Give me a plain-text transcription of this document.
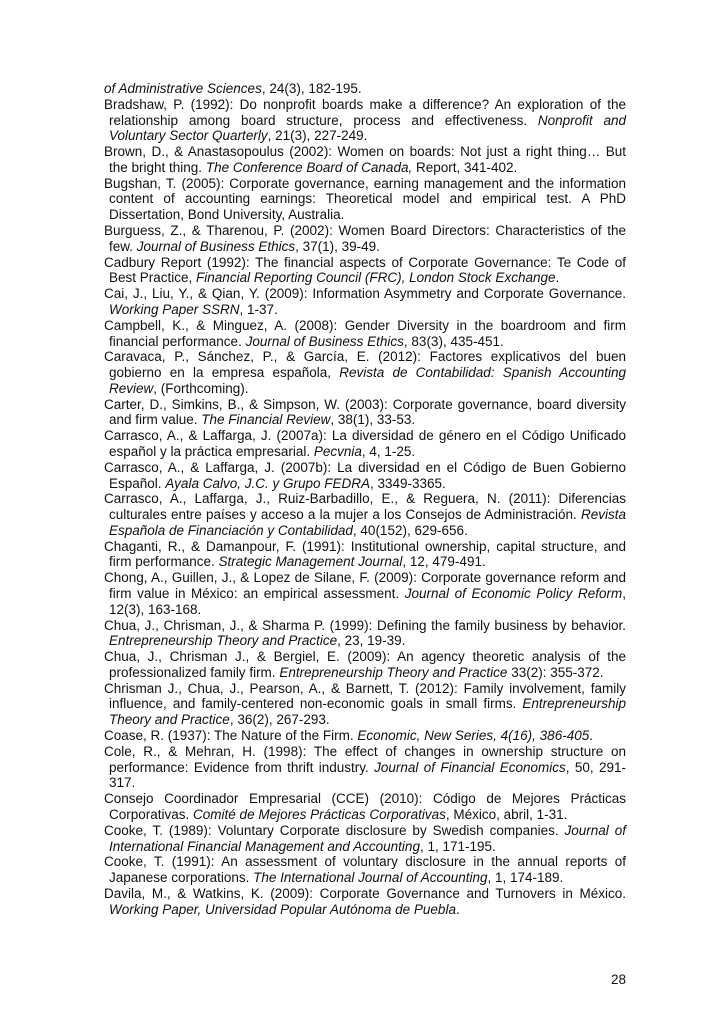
of Administrative Sciences, 24(3), 182-195.
Bradshaw, P. (1992): Do nonprofit boards make a difference? An exploration of the relationship among board structure, process and effectiveness. Nonprofit and Voluntary Sector Quarterly, 21(3), 227-249.
Brown, D., & Anastasopoulus (2002): Women on boards: Not just a right thing… But the bright thing. The Conference Board of Canada, Report, 341-402.
Bugshan, T. (2005): Corporate governance, earning management and the information content of accounting earnings: Theoretical model and empirical test. A PhD Dissertation, Bond University, Australia.
Burguess, Z., & Tharenou, P. (2002): Women Board Directors: Characteristics of the few. Journal of Business Ethics, 37(1), 39-49.
Cadbury Report (1992): The financial aspects of Corporate Governance: Te Code of Best Practice, Financial Reporting Council (FRC), London Stock Exchange.
Cai, J., Liu, Y., & Qian, Y. (2009): Information Asymmetry and Corporate Governance. Working Paper SSRN, 1-37.
Campbell, K., & Minguez, A. (2008): Gender Diversity in the boardroom and firm financial performance. Journal of Business Ethics, 83(3), 435-451.
Caravaca, P., Sánchez, P., & García, E. (2012): Factores explicativos del buen gobierno en la empresa española, Revista de Contabilidad: Spanish Accounting Review, (Forthcoming).
Carter, D., Simkins, B., & Simpson, W. (2003): Corporate governance, board diversity and firm value. The Financial Review, 38(1), 33-53.
Carrasco, A., & Laffarga, J. (2007a): La diversidad de género en el Código Unificado español y la práctica empresarial. Pecvnia, 4, 1-25.
Carrasco, A., & Laffarga, J. (2007b): La diversidad en el Código de Buen Gobierno Español. Ayala Calvo, J.C. y Grupo FEDRA, 3349-3365.
Carrasco, A., Laffarga, J., Ruiz-Barbadillo, E., & Reguera, N. (2011): Diferencias culturales entre países y acceso a la mujer a los Consejos de Administración. Revista Española de Financiación y Contabilidad, 40(152), 629-656.
Chaganti, R., & Damanpour, F. (1991): Institutional ownership, capital structure, and firm performance. Strategic Management Journal, 12, 479-491.
Chong, A., Guillen, J., & Lopez de Silane, F. (2009): Corporate governance reform and firm value in México: an empirical assessment. Journal of Economic Policy Reform, 12(3), 163-168.
Chua, J., Chrisman, J., & Sharma P. (1999): Defining the family business by behavior. Entrepreneurship Theory and Practice, 23, 19-39.
Chua, J., Chrisman J., & Bergiel, E. (2009): An agency theoretic analysis of the professionalized family firm. Entrepreneurship Theory and Practice 33(2): 355-372.
Chrisman J., Chua, J., Pearson, A., & Barnett, T. (2012): Family involvement, family influence, and family-centered non-economic goals in small firms. Entrepreneurship Theory and Practice, 36(2), 267-293.
Coase, R. (1937): The Nature of the Firm. Economic, New Series, 4(16), 386-405.
Cole, R., & Mehran, H. (1998): The effect of changes in ownership structure on performance: Evidence from thrift industry. Journal of Financial Economics, 50, 291-317.
Consejo Coordinador Empresarial (CCE) (2010): Código de Mejores Prácticas Corporativas. Comité de Mejores Prácticas Corporativas, México, abril, 1-31.
Cooke, T. (1989): Voluntary Corporate disclosure by Swedish companies. Journal of International Financial Management and Accounting, 1, 171-195.
Cooke, T. (1991): An assessment of voluntary disclosure in the annual reports of Japanese corporations. The International Journal of Accounting, 1, 174-189.
Davila, M., & Watkins, K. (2009): Corporate Governance and Turnovers in México. Working Paper, Universidad Popular Autónoma de Puebla.
28
